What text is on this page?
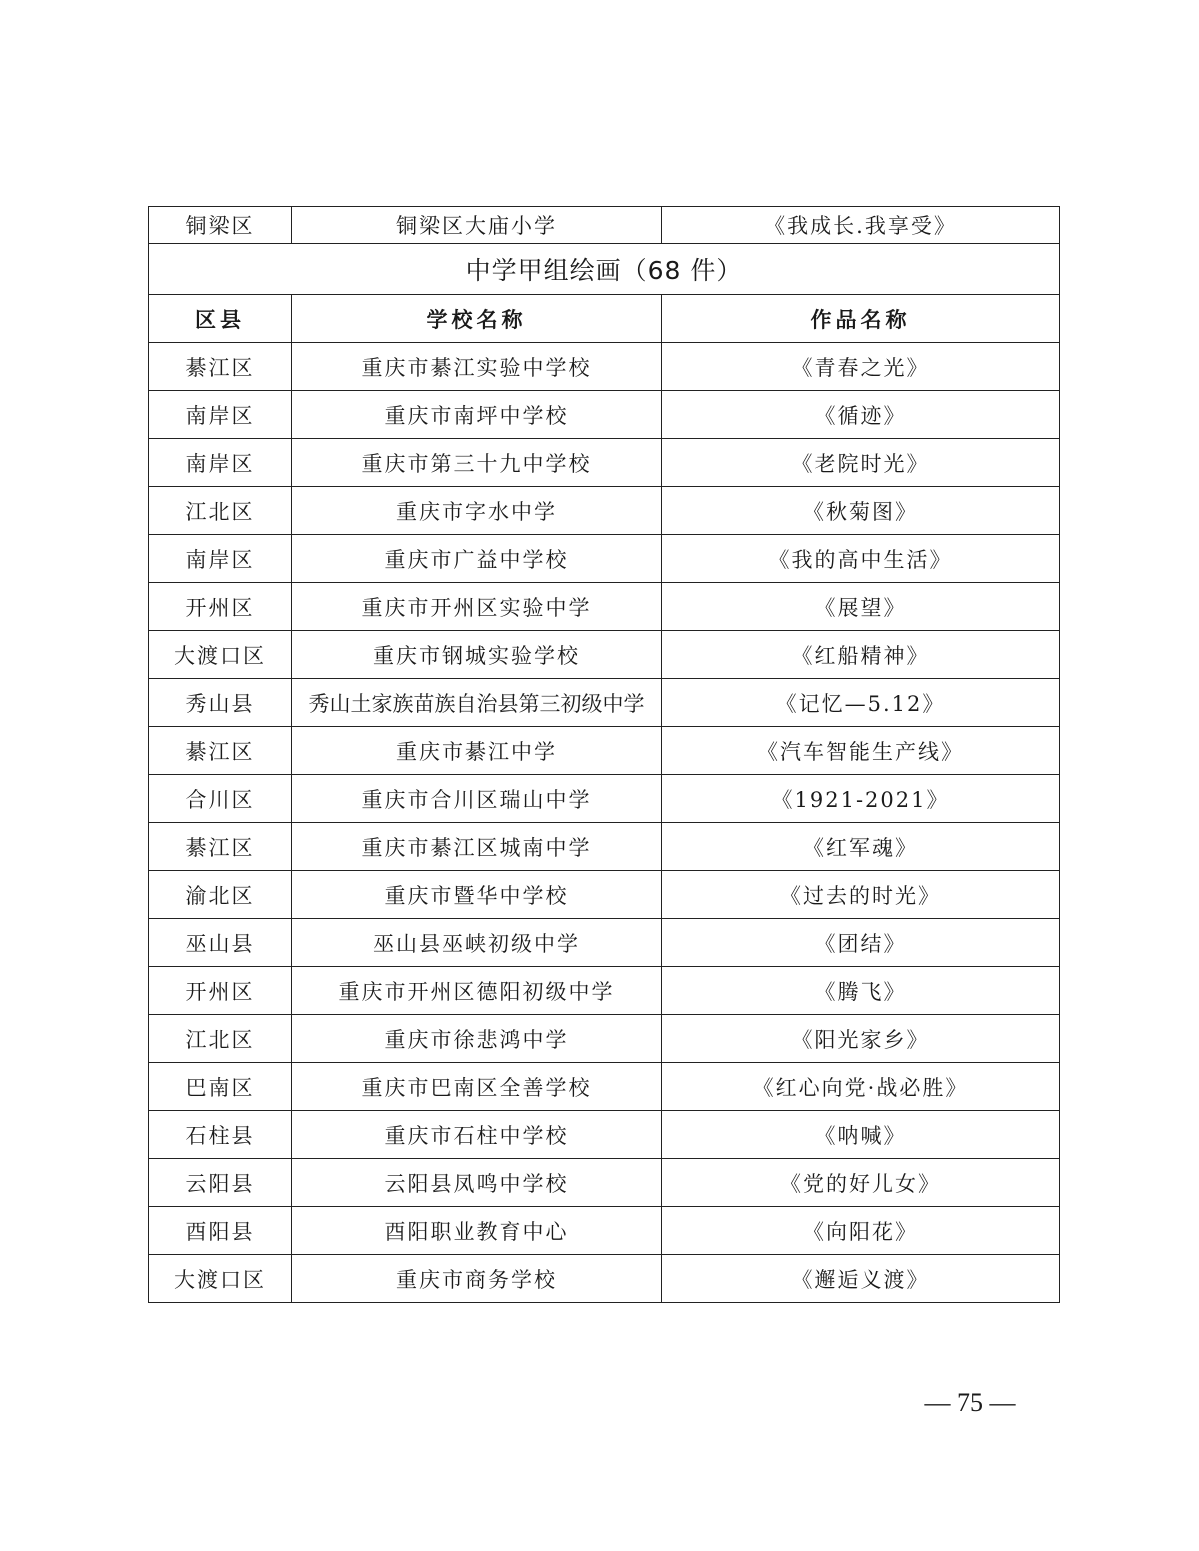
铜梁区	铜梁区大庙小学	《我成长.我享受》
中学甲组绘画（68 件）		
区县	学校名称	作品名称
綦江区	重庆市綦江实验中学校	《青春之光》
南岸区	重庆市南坪中学校	《循迹》
南岸区	重庆市第三十九中学校	《老院时光》
江北区	重庆市字水中学	《秋菊图》
南岸区	重庆市广益中学校	《我的高中生活》
开州区	重庆市开州区实验中学	《展望》
大渡口区	重庆市钢城实验学校	《红船精神》
秀山县	秀山土家族苗族自治县第三初级中学	《记忆—5.12》
綦江区	重庆市綦江中学	《汽车智能生产线》
合川区	重庆市合川区瑞山中学	《1921-2021》
綦江区	重庆市綦江区城南中学	《红军魂》
渝北区	重庆市暨华中学校	《过去的时光》
巫山县	巫山县巫峡初级中学	《团结》
开州区	重庆市开州区德阳初级中学	《腾飞》
江北区	重庆市徐悲鸿中学	《阳光家乡》
巴南区	重庆市巴南区全善学校	《红心向党·战必胜》
石柱县	重庆市石柱中学校	《呐喊》
云阳县	云阳县凤鸣中学校	《党的好儿女》
酉阳县	酉阳职业教育中心	《向阳花》
大渡口区	重庆市商务学校	《邂逅义渡》
— 75 —
